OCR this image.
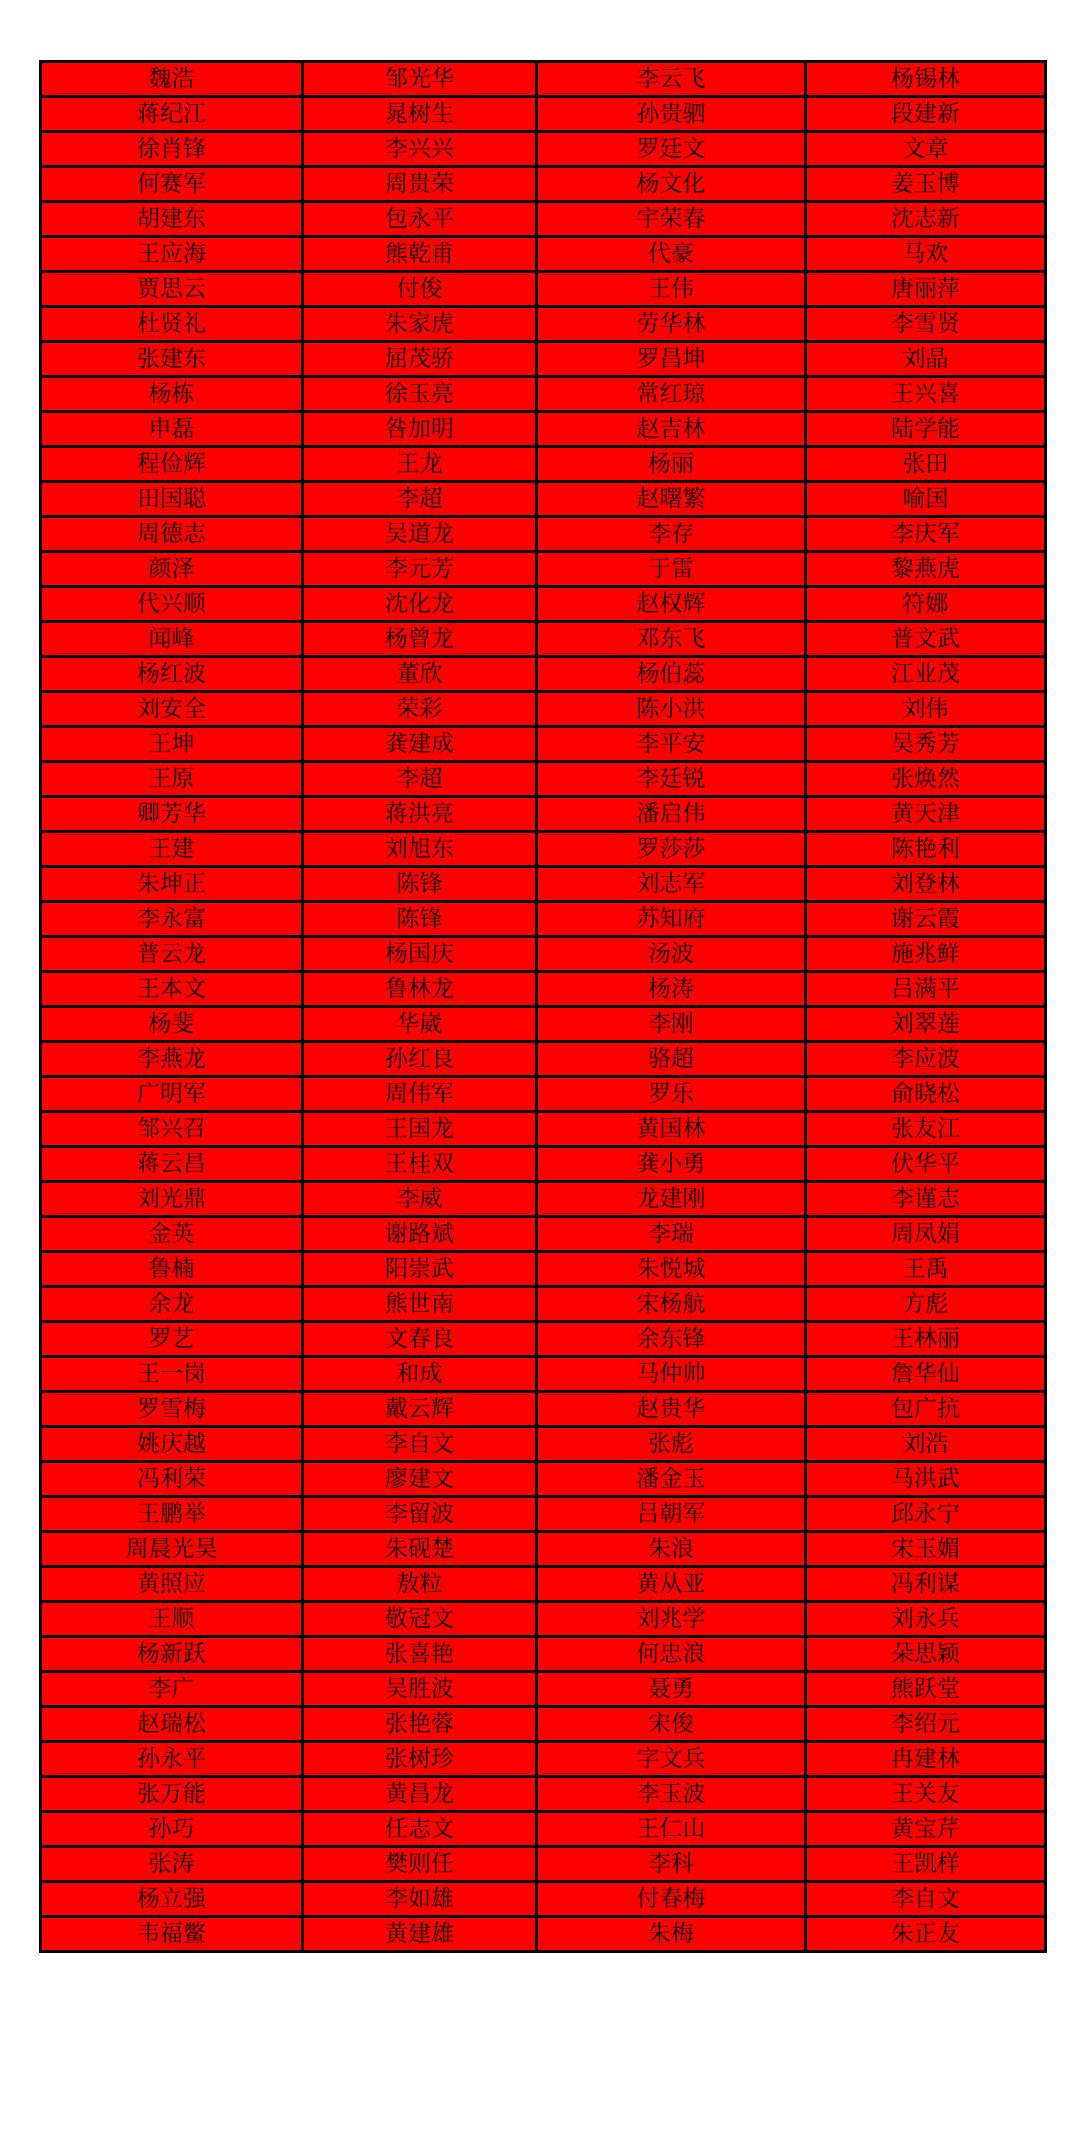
魏浩	邹光华	李云飞	杨锡林
蒋纪江	晁树生	孙贵驷	段建新
徐肖锋	李兴兴	罗廷文	文章
何赛军	周贵荣	杨文化	姜玉博
胡建东	包永平	宇荣春	沈志新
王应海	熊乾甫	代豪	马欢
贾思云	付俊	王伟	唐丽萍
杜贤礼	朱家虎	劳华林	李雪贤
张建东	屈茂骄	罗昌坤	刘晶
杨栋	徐玉亮	常红琼	王兴喜
申磊	咎加明	赵吉林	陆学能
程俭辉	王龙	杨丽	张田
田国聪	李超	赵曙繁	喻国
周德志	吴道龙	李存	李庆军
颜泽	李元芳	于雷	黎燕虎
代兴顺	沈化龙	赵权辉	符娜
闻峰	杨曾龙	邓东飞	普文武
杨红波	董欣	杨伯蕊	江业茂
刘安全	荣彩	陈小洪	刘伟
王坤	龚建成	李平安	吴秀芳
王原	李超	李廷锐	张焕然
卿芳华	蒋洪亮	潘启伟	黄天津
王建	刘旭东	罗莎莎	陈艳利
朱坤正	陈锋	刘志军	刘登林
李永富	陈锋	苏知府	谢云霞
普云龙	杨国庆	汤波	施兆鲜
王本文	鲁林龙	杨涛	吕满平
杨斐	华崴	李刚	刘翠莲
李燕龙	孙红良	骆超	李应波
广明军	周伟军	罗乐	俞晓松
邹兴召	王国龙	黄国林	张友江
蒋云昌	王桂双	龚小勇	伏华平
刘光鼎	李威	龙建刚	李谨志
金英	谢路斌	李瑞	周凤娟
鲁楠	阳崇武	朱悦城	王禹
余龙	熊世南	宋杨航	方彪
罗艺	文春良	余东锋	王林丽
王一岗	和成	马仲帅	詹华仙
罗雪梅	戴云辉	赵贵华	包广抗
姚庆越	李自文	张彪	刘浩
冯利荣	廖建文	潘金玉	马洪武
王鹏举	李留波	吕朝军	邱永宁
周晨光昊	朱砚楚	朱浪	宋玉媚
黄照应	敖粒	黄从亚	冯利谋
王顺	敬冠文	刘兆学	刘永兵
杨新跃	张喜艳	何忠浪	朵思颖
李广	吴胜波	聂勇	熊跃堂
赵瑞松	张艳蓉	宋俊	李绍元
孙永平	张树珍	字文兵	冉建林
张万能	黄昌龙	李玉波	王关友
孙巧	任志文	王仁山	黄宝芹
张涛	樊则任	李科	王凯样
杨立强	李如雄	付春梅	李自文
韦福鳖	黄建雄	朱梅	朱正友
